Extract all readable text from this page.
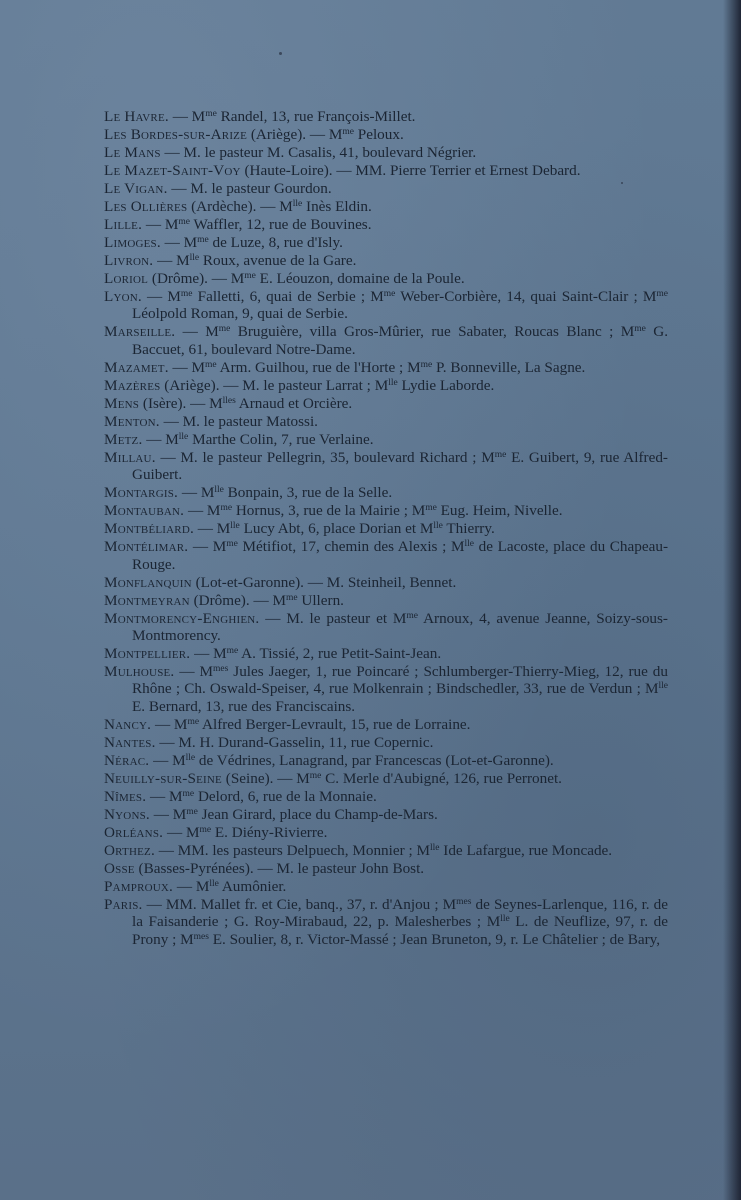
Le Havre. — $M^{me}$ Randel, 13, rue François-Millet.

Les Bordes-sur-Arize (Ariège). — $M^{me}$ Peloux.

Le Mans — M. le pasteur M. Casalis, 41, boulevard Négrier.

Le Mazet-Saint-Voy (Haute-Loire). — MM. Pierre Terrier et Ernest Debard.

Le Vigan. — M. le pasteur Gourdon.

Les Ollières (Ardèche). — $M^{lle}$ Inès Eldin.

Lille. — $M^{me}$ Waffler, 12, rue de Bouvines.

Limoges. — $M^{me}$ de Luze, 8, rue d'Isly.

Livron. — $M^{lle}$ Roux, avenue de la Gare.

Loriol (Drôme). — $M^{me}$ E. Léouzon, domaine de la Poule.

Lyon. — $M^{me}$ Falletti, 6, quai de Serbie ; $M^{me}$ Weber-Corbière, 14, quai Saint-Clair ; $M^{me}$ Léolpold Roman, 9, quai de Serbie.

Marseille. — $M^{me}$ Bruguière, villa Gros-Mûrier, rue Sabater, Roucas Blanc ; $M^{me}$ G. Baccuet, 61, boulevard Notre-Dame.

Mazamet. — $M^{me}$ Arm. Guilhou, rue de l'Horte ; $M^{me}$ P. Bonneville, La Sagne.

Mazères (Ariège). — M. le pasteur Larrat ; $M^{lle}$ Lydie Laborde.

Mens (Isère). — $M^{lles}$ Arnaud et Orcière.

Menton. — M. le pasteur Matossi.

Metz. — $M^{lle}$ Marthe Colin, 7, rue Verlaine.

Millau. — M. le pasteur Pellegrin, 35, boulevard Richard ; $M^{me}$ E. Guibert, 9, rue Alfred-Guibert.

Montargis. — $M^{lle}$ Bonpain, 3, rue de la Selle.

Montauban. — $M^{me}$ Hornus, 3, rue de la Mairie ; $M^{me}$ Eug. Heim, Nivelle.

Montbéliard. — $M^{lle}$ Lucy Abt, 6, place Dorian et $M^{lle}$ Thierry.

Montélimar. — $M^{me}$ Métifiot, 17, chemin des Alexis ; $M^{lle}$ de Lacoste, place du Chapeau-Rouge.

Monflanquin (Lot-et-Garonne). — M. Steinheil, Bennet.

Montmeyran (Drôme). — $M^{me}$ Ullern.

Montmorency-Enghien. — M. le pasteur et $M^{me}$ Arnoux, 4, avenue Jeanne, Soizy-sous-Montmorency.

Montpellier. — $M^{me}$ A. Tissié, 2, rue Petit-Saint-Jean.

Mulhouse. — $M^{mes}$ Jules Jaeger, 1, rue Poincaré ; Schlumberger-Thierry-Mieg, 12, rue du Rhône ; Ch. Oswald-Speiser, 4, rue Molkenrain ; Bindschedler, 33, rue de Verdun ; $M^{lle}$ E. Bernard, 13, rue des Franciscains.

Nancy. — $M^{me}$ Alfred Berger-Levrault, 15, rue de Lorraine.

Nantes. — M. H. Durand-Gasselin, 11, rue Copernic.

Nérac. — $M^{lle}$ de Védrines, Lanagrand, par Francescas (Lot-et-Garonne).

Neuilly-sur-Seine (Seine). — $M^{me}$ C. Merle d'Aubigné, 126, rue Perronet.

Nîmes. — $M^{me}$ Delord, 6, rue de la Monnaie.

Nyons. — $M^{me}$ Jean Girard, place du Champ-de-Mars.

Orléans. — $M^{me}$ E. Diény-Rivierre.

Orthez. — MM. les pasteurs Delpuech, Monnier ; $M^{lle}$ Ide Lafargue, rue Moncade.

Osse (Basses-Pyrénées). — M. le pasteur John Bost.

Pamproux. — $M^{lle}$ Aumônier.

Paris. — MM. Mallet fr. et Cie, banq., 37, r. d'Anjou ; $M^{mes}$ de Seynes-Larlenque, 116, r. de la Faisanderie ; G. Roy-Mirabaud, 22, p. Malesherbes ; $M^{lle}$ L. de Neuflize, 97, r. de Prony ; $M^{mes}$ E. Soulier, 8, r. Victor-Massé ; Jean Bruneton, 9, r. Le Châtelier ; de Bary,
